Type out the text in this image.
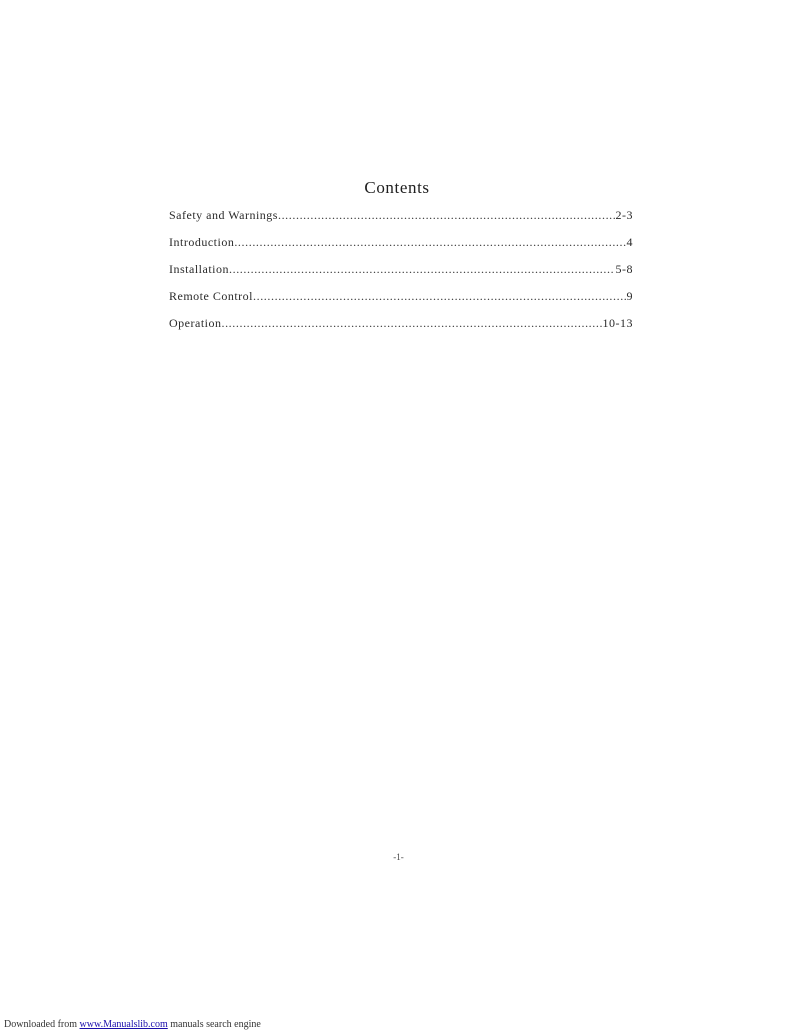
Contents
Safety and Warnings .....	2-3
Introduction .....	4
Installation .....	5-8
Remote Control .....	9
Operation .....	10-13
-1-
Downloaded from www.Manualslib.com manuals search engine
